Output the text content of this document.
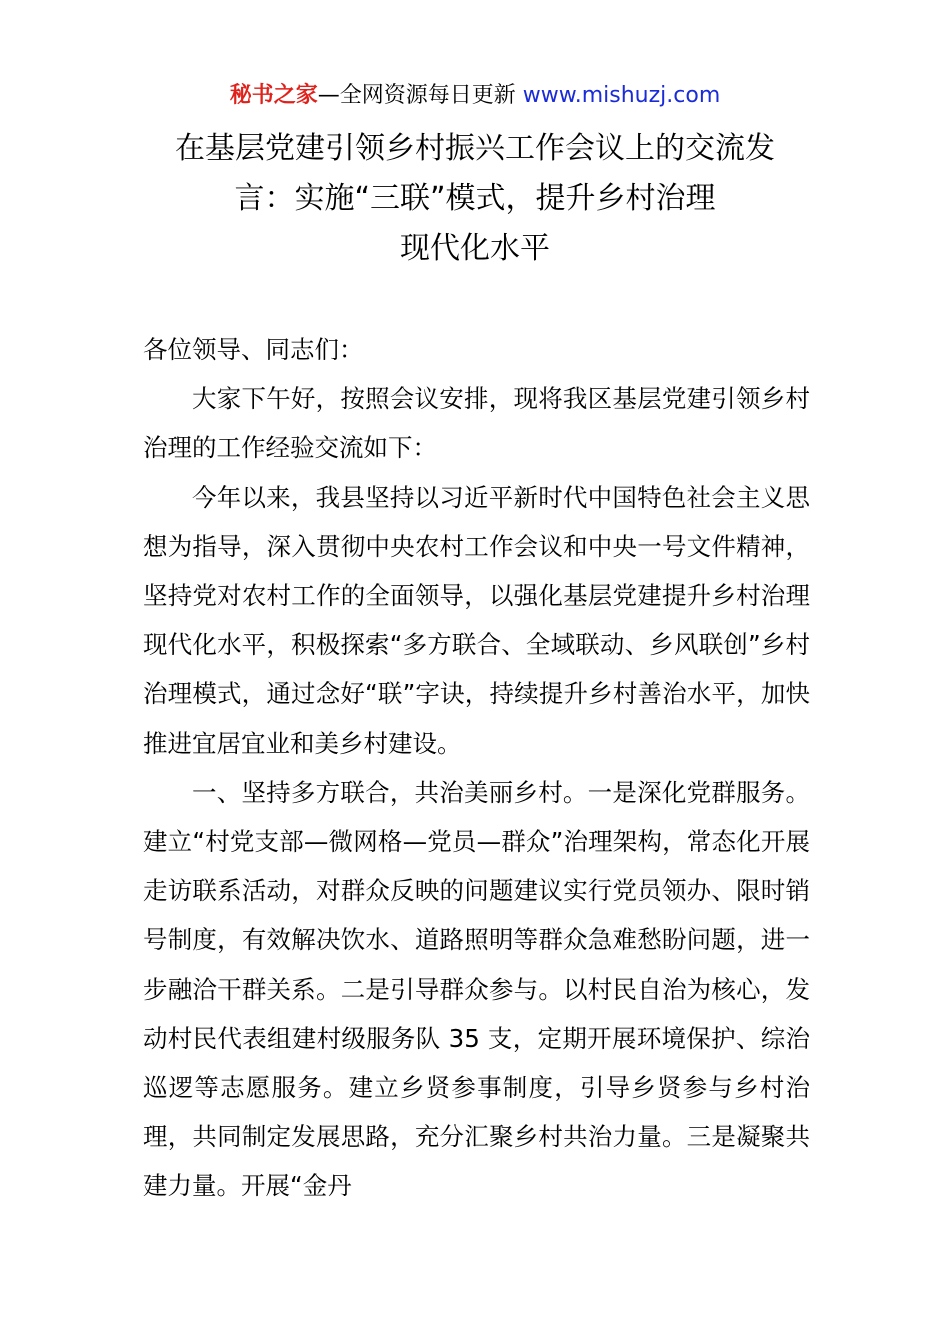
秘书之家—全网资源每日更新 www.mishuzj.com
在基层党建引领乡村振兴工作会议上的交流发
言：实施“三联”模式，提升乡村治理
现代化水平

各位领导、同志们：

大家下午好，按照会议安排，现将我区基层党建引领乡村治理的工作经验交流如下：

今年以来，我县坚持以习近平新时代中国特色社会主义思想为指导，深入贯彻中央农村工作会议和中央一号文件精神，坚持党对农村工作的全面领导，以强化基层党建提升乡村治理现代化水平，积极探索“多方联合、全域联动、乡风联创”乡村治理模式，通过念好“联”字诀，持续提升乡村善治水平，加快推进宜居宜业和美乡村建设。

一、坚持多方联合，共治美丽乡村。一是深化党群服务。建立“村党支部—微网格—党员—群众”治理架构，常态化开展走访联系活动，对群众反映的问题建议实行党员领办、限时销号制度，有效解决饮水、道路照明等群众急难愁盼问题，进一步融洽干群关系。二是引导群众参与。以村民自治为核心，发动村民代表组建村级服务队 35 支，定期开展环境保护、综治巡逻等志愿服务。建立乡贤参事制度，引导乡贤参与乡村治理，共同制定发展思路，充分汇聚乡村共治力量。三是凝聚共建力量。开展“金丹
